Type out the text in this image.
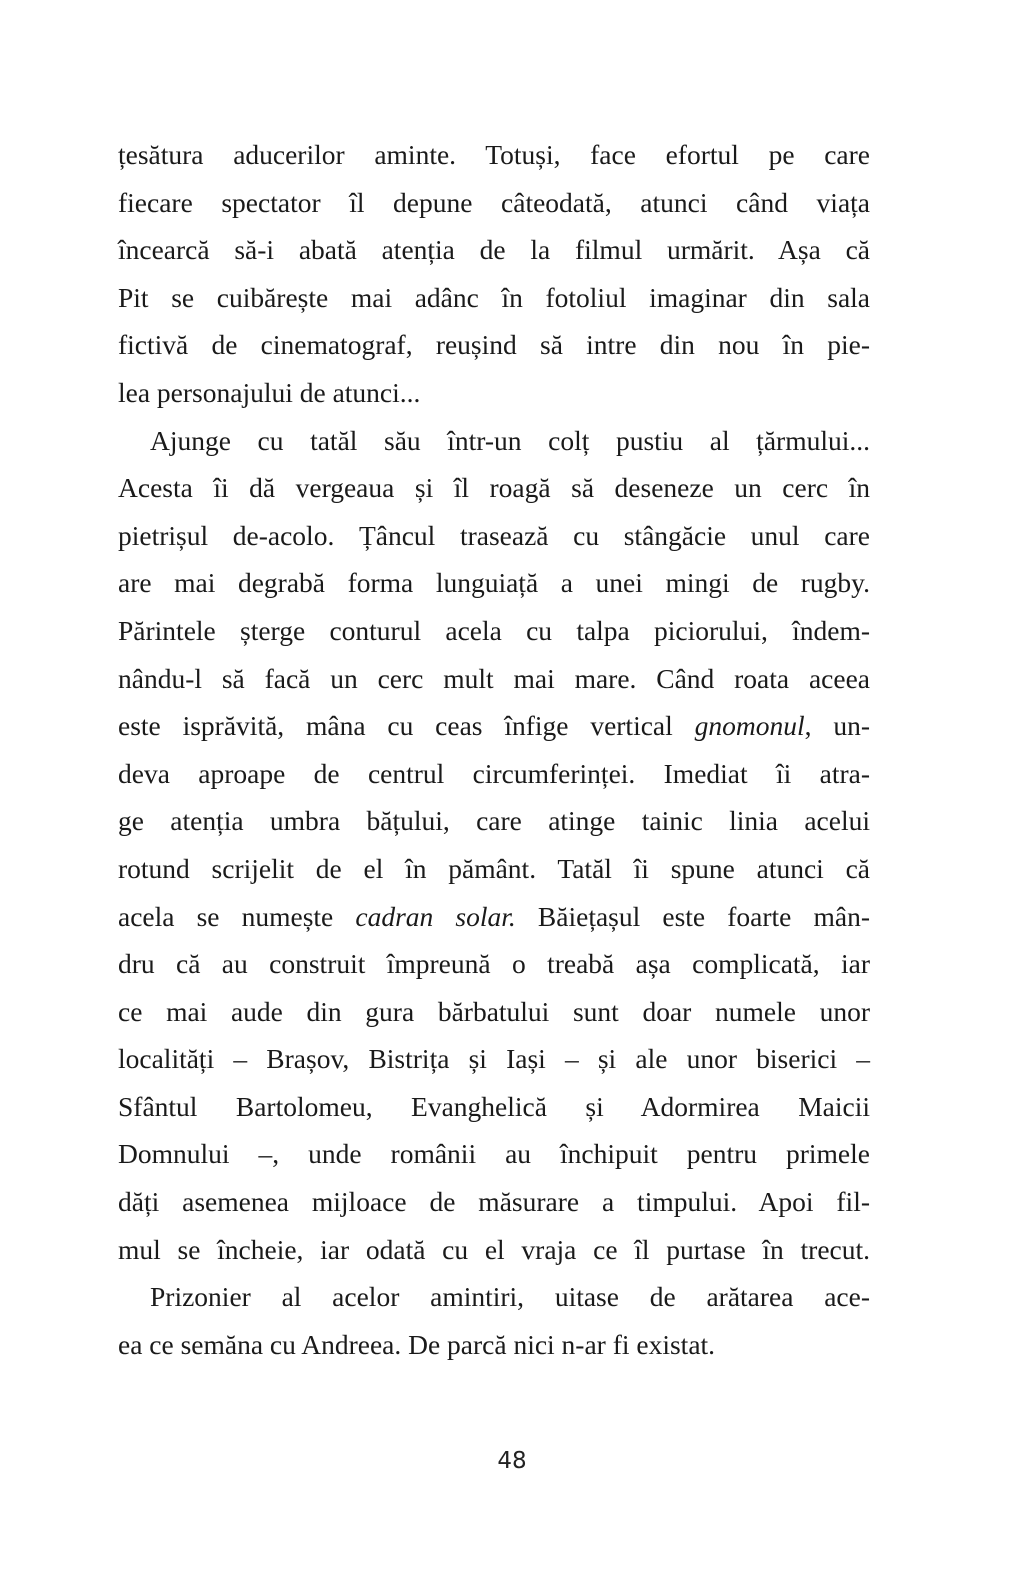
țesătura aducerilor aminte. Totuși, face efortul pe care
fiecare spectator îl depune câteodată, atunci când viața
încearcă să-i abată atenția de la filmul urmărit. Așa că
Pit se cuibărește mai adânc în fotoliul imaginar din sala
fictivă de cinematograf, reușind să intre din nou în pie-
lea personajului de atunci...
Ajunge cu tatăl său într-un colț pustiu al țărmului...
Acesta îi dă vergeaua și îl roagă să deseneze un cerc în
pietrișul de-acolo. Țâncul trasează cu stângăcie unul care
are mai degrabă forma lunguiață a unei mingi de rugby.
Părintele șterge conturul acela cu talpa piciorului, îndem-
nându-l să facă un cerc mult mai mare. Când roata aceea
este isprăvită, mâna cu ceas înfige vertical gnomonul, un-
deva aproape de centrul circumferinței. Imediat îi atra-
ge atenția umbra bățului, care atinge tainic linia acelui
rotund scrijelit de el în pământ. Tatăl îi spune atunci că
acela se numește cadran solar. Băiețașul este foarte mân-
dru că au construit împreună o treabă așa complicată, iar
ce mai aude din gura bărbatului sunt doar numele unor
localități – Brașov, Bistrița și Iași – și ale unor biserici –
Sfântul Bartolomeu, Evanghelică și Adormirea Maicii
Domnului –, unde românii au închipuit pentru primele
dăți asemenea mijloace de măsurare a timpului. Apoi fil-
mul se încheie, iar odată cu el vraja ce îl purtase în trecut.
Prizonier al acelor amintiri, uitase de arătarea ace-
ea ce semăna cu Andreea. De parcă nici n-ar fi existat.
48
